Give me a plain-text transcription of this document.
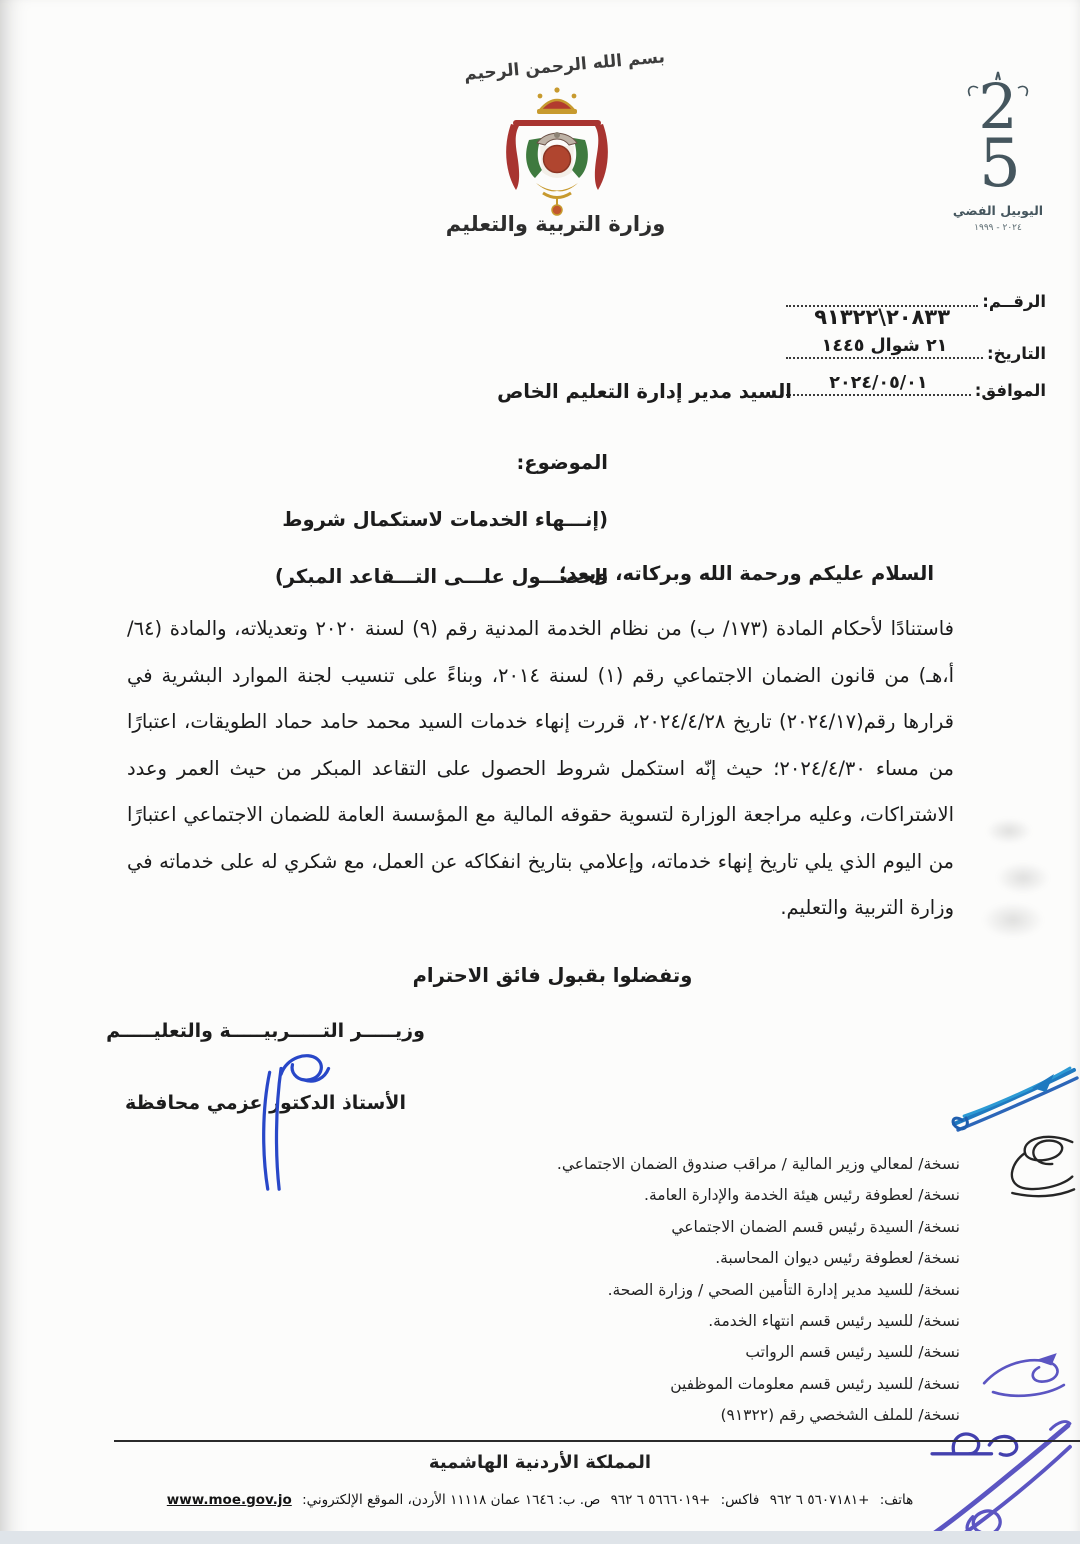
بسم الله الرحمن الرحيم
وزارة التربية والتعليم
2
5
اليوبيل الفضي
٢٠٢٤ - ١٩٩٩
الرقــم:
٢٠٨٣٣\٩١٣٢٢
التاريخ:
٢١ شوال ١٤٤٥
الموافق:
٢٠٢٤/٠٥/٠١
السيد مدير إدارة التعليم الخاص
الموضوع:
(إنـــهاء الخدمات لاستكمال شروط
الحصـــول علـــى التـــقاعد المبكر)
السلام عليكم ورحمة الله وبركاته، وبعد؛
فاستنادًا لأحكام المادة (١٧٣/ ب) من نظام الخدمة المدنية رقم (٩) لسنة ٢٠٢٠ وتعديلاته، والمادة (٦٤/أ،هـ) من قانون الضمان الاجتماعي رقم (١) لسنة ٢٠١٤، وبناءً على تنسيب لجنة الموارد البشرية في قرارها رقم(٢٠٢٤/١٧) تاريخ ٢٠٢٤/٤/٢٨، قررت إنهاء خدمات السيد محمد حامد حماد الطويقات، اعتبارًا من مساء ٢٠٢٤/٤/٣٠؛ حيث إنّه استكمل شروط الحصول على التقاعد المبكر من حيث العمر وعدد الاشتراكات، وعليه مراجعة الوزارة لتسوية حقوقه المالية مع المؤسسة العامة للضمان الاجتماعي اعتبارًا من اليوم الذي يلي تاريخ إنهاء خدماته، وإعلامي بتاريخ انفكاكه عن العمل، مع شكري له على خدماته في وزارة التربية والتعليم.
وتفضلوا بقبول فائق الاحترام
وزيـــــر التـــــربيـــــة والتعليـــــم
الأستاذ الدكتور عزمي محافظة
نسخة/ لمعالي وزير المالية / مراقب صندوق الضمان الاجتماعي.
نسخة/ لعطوفة رئيس هيئة الخدمة والإدارة العامة.
نسخة/ السيدة رئيس قسم الضمان الاجتماعي
نسخة/ لعطوفة رئيس ديوان المحاسبة.
نسخة/ للسيد مدير إدارة التأمين الصحي / وزارة الصحة.
نسخة/ للسيد رئيس قسم انتهاء الخدمة.
نسخة/ للسيد رئيس قسم الرواتب
نسخة/ للسيد رئيس قسم معلومات الموظفين
نسخة/ للملف الشخصي رقم (٩١٣٢٢)
المملكة الأردنية الهاشمية
هاتف: ٥٦٠٧١٨١ ٦ ٩٦٢+ فاكس: ٥٦٦٦٠١٩ ٦ ٩٦٢+ ص. ب: ١٦٤٦ عمان ١١١١٨ الأردن، الموقع الإلكتروني: www.moe.gov.jo
